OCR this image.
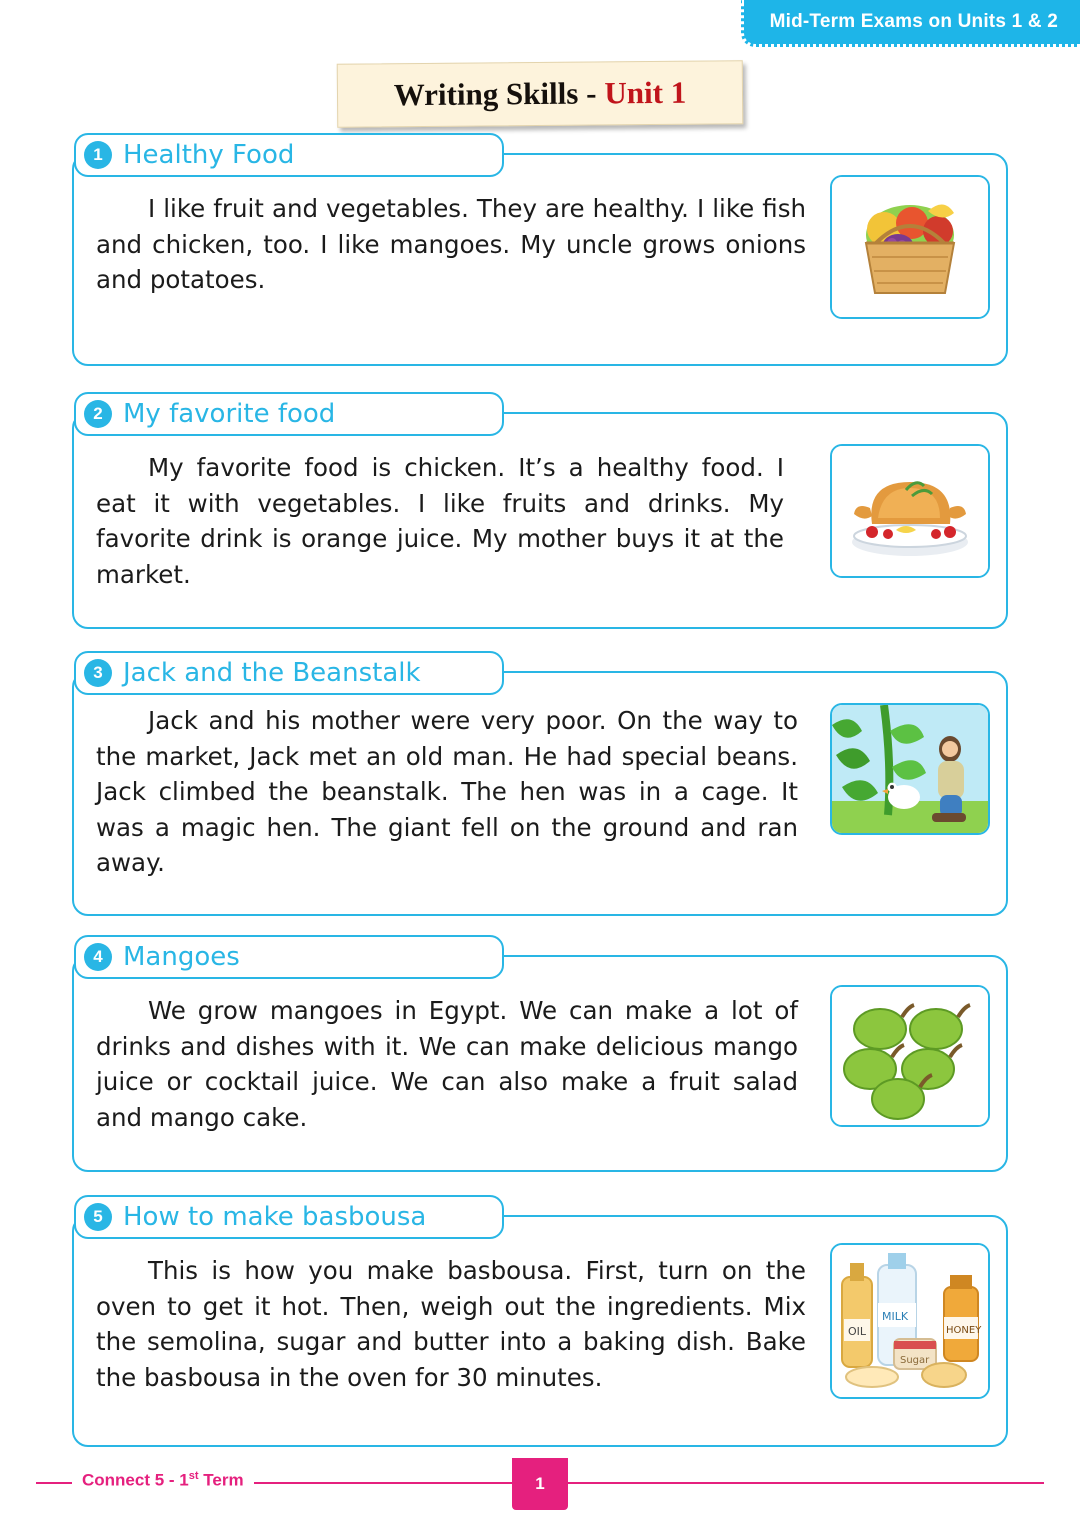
Mid-Term Exams on Units 1 & 2
Writing Skills - Unit 1
1 Healthy Food
I like fruit and vegetables. They are healthy. I like fish and chicken, too. I like mangoes. My uncle grows onions and potatoes.
2 My favorite food
My favorite food is chicken. It’s a healthy food. I eat it with vegetables. I like fruits and drinks. My favorite drink is orange juice. My mother buys it at the market.
3 Jack and the Beanstalk
Jack and his mother were very poor. On the way to the market, Jack met an old man. He had special beans. Jack climbed the beanstalk. The hen was in a cage. It was a magic hen. The giant fell on the ground and ran away.
4 Mangoes
We grow mangoes in Egypt. We can make a lot of drinks and dishes with it. We can make delicious mango juice or cocktail juice. We can also make a fruit salad and mango cake.
5 How to make basbousa
This is how you make basbousa. First, turn on the oven to get it hot. Then, weigh out the ingredients. Mix the semolina, sugar and butter into a baking dish. Bake the basbousa in the oven for 30 minutes.
OIL
MILK
HONEY
Sugar
Connect 5 - 1st Term	1
